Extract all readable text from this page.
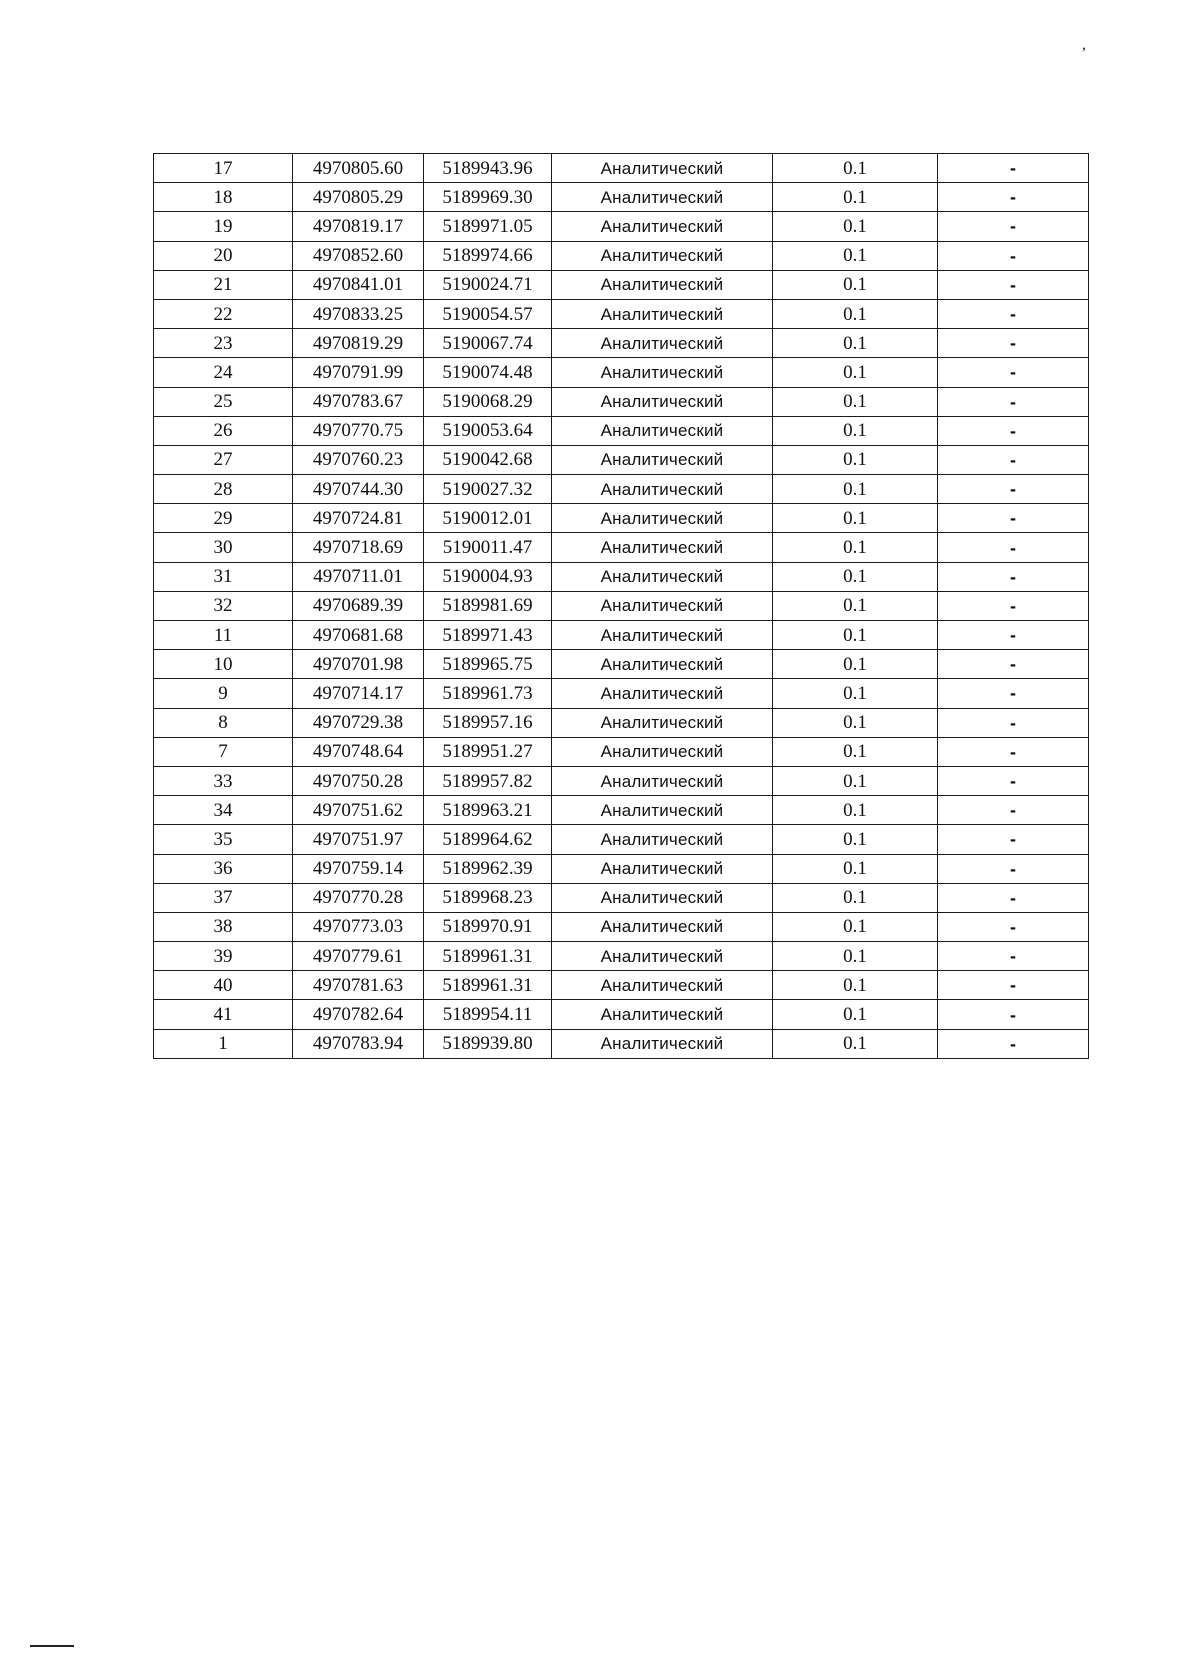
,
17	4970805.60	5189943.96	Аналитический	0.1	-
18	4970805.29	5189969.30	Аналитический	0.1	-
19	4970819.17	5189971.05	Аналитический	0.1	-
20	4970852.60	5189974.66	Аналитический	0.1	-
21	4970841.01	5190024.71	Аналитический	0.1	-
22	4970833.25	5190054.57	Аналитический	0.1	-
23	4970819.29	5190067.74	Аналитический	0.1	-
24	4970791.99	5190074.48	Аналитический	0.1	-
25	4970783.67	5190068.29	Аналитический	0.1	-
26	4970770.75	5190053.64	Аналитический	0.1	-
27	4970760.23	5190042.68	Аналитический	0.1	-
28	4970744.30	5190027.32	Аналитический	0.1	-
29	4970724.81	5190012.01	Аналитический	0.1	-
30	4970718.69	5190011.47	Аналитический	0.1	-
31	4970711.01	5190004.93	Аналитический	0.1	-
32	4970689.39	5189981.69	Аналитический	0.1	-
11	4970681.68	5189971.43	Аналитический	0.1	-
10	4970701.98	5189965.75	Аналитический	0.1	-
9	4970714.17	5189961.73	Аналитический	0.1	-
8	4970729.38	5189957.16	Аналитический	0.1	-
7	4970748.64	5189951.27	Аналитический	0.1	-
33	4970750.28	5189957.82	Аналитический	0.1	-
34	4970751.62	5189963.21	Аналитический	0.1	-
35	4970751.97	5189964.62	Аналитический	0.1	-
36	4970759.14	5189962.39	Аналитический	0.1	-
37	4970770.28	5189968.23	Аналитический	0.1	-
38	4970773.03	5189970.91	Аналитический	0.1	-
39	4970779.61	5189961.31	Аналитический	0.1	-
40	4970781.63	5189961.31	Аналитический	0.1	-
41	4970782.64	5189954.11	Аналитический	0.1	-
1	4970783.94	5189939.80	Аналитический	0.1	-
